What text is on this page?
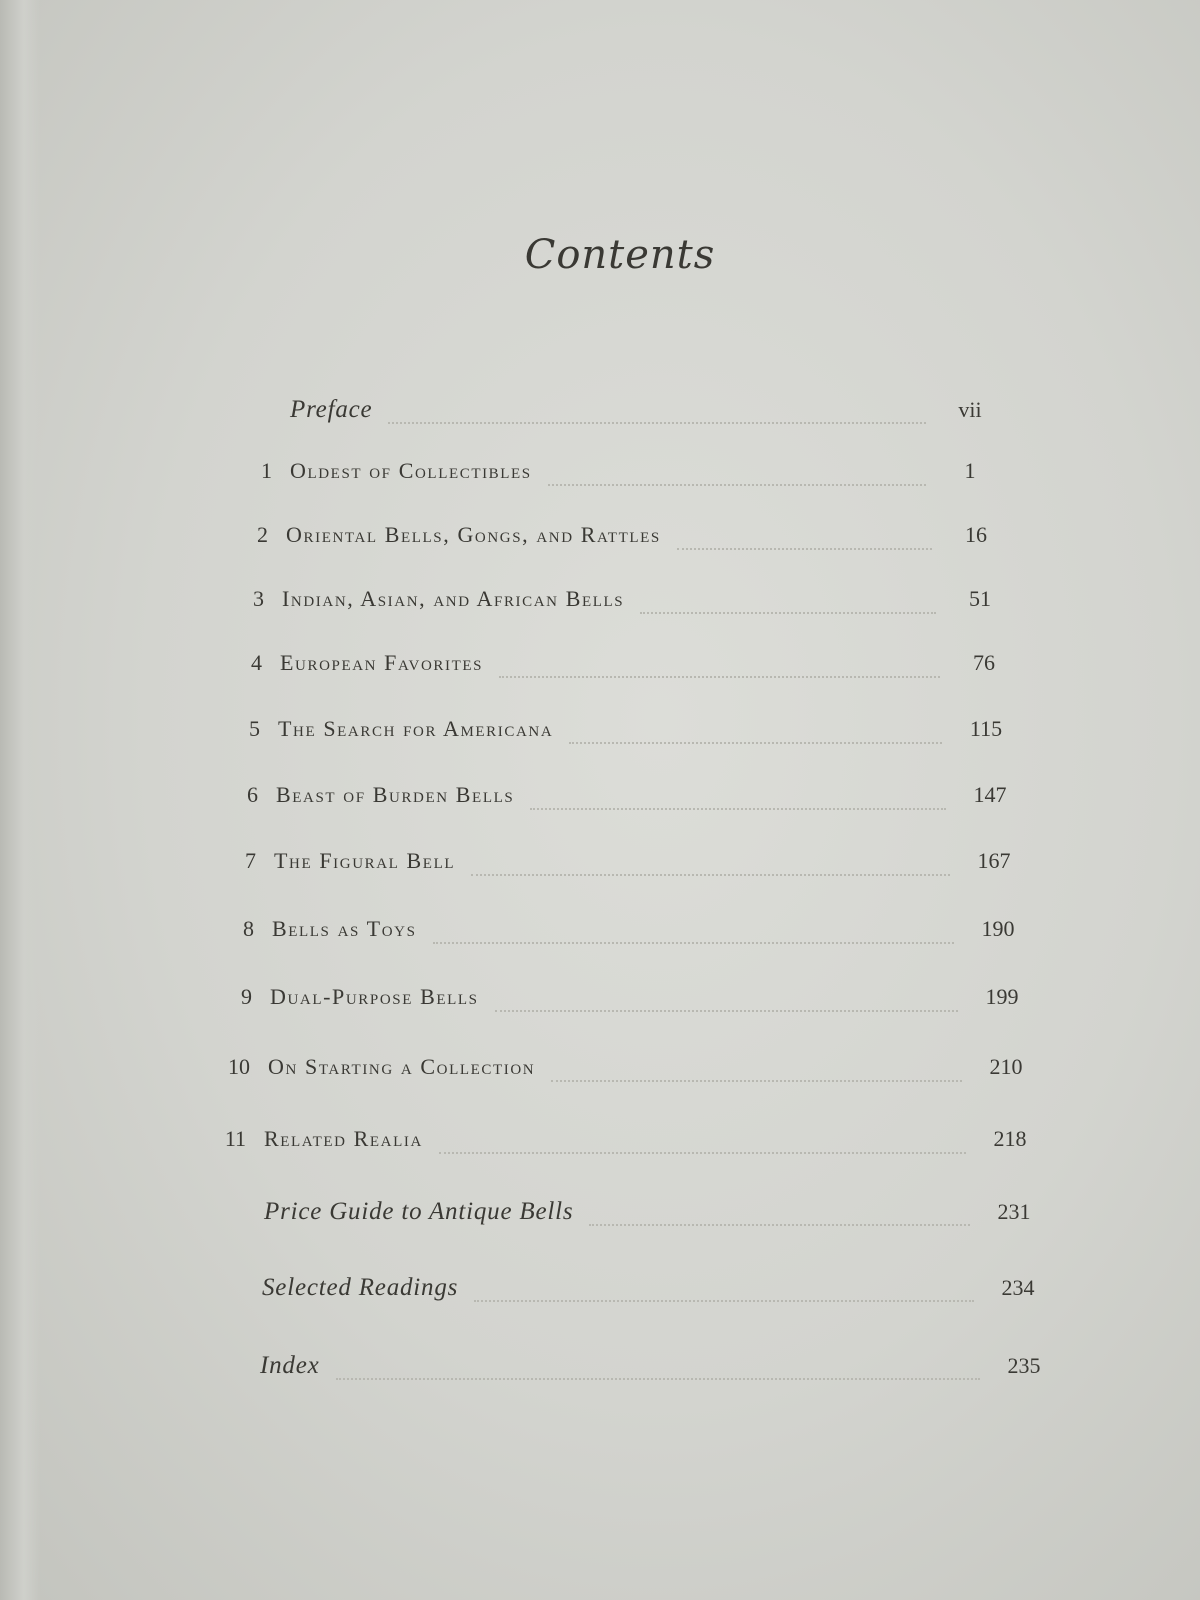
Contents
Preface	vii
1 Oldest of Collectibles	1
2 Oriental Bells, Gongs, and Rattles	16
3 Indian, Asian, and African Bells	51
4 European Favorites	76
5 The Search for Americana	115
6 Beast of Burden Bells	147
7 The Figural Bell	167
8 Bells as Toys	190
9 Dual-Purpose Bells	199
10 On Starting a Collection	210
11 Related Realia	218
Price Guide to Antique Bells	231
Selected Readings	234
Index	235
